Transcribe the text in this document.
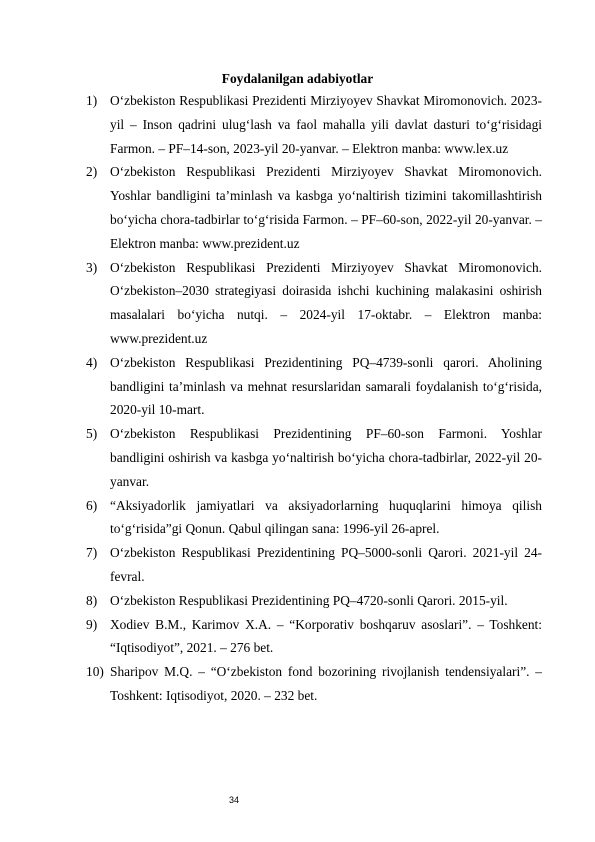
Foydalanilgan adabiyotlar
1) O‘zbekiston Respublikasi Prezidenti Mirziyoyev Shavkat Miromonovich. 2023-yil – Inson qadrini ulug‘lash va faol mahalla yili davlat dasturi to‘g‘risidagi Farmon. – PF–14-son, 2023-yil 20-yanvar. – Elektron manba: www.lex.uz
2) O‘zbekiston Respublikasi Prezidenti Mirziyoyev Shavkat Miromonovich. Yoshlar bandligini ta’minlash va kasbga yo‘naltirish tizimini takomillashtirish bo‘yicha chora-tadbirlar to‘g‘risida Farmon. – PF–60-son, 2022-yil 20-yanvar. – Elektron manba: www.prezident.uz
3) O‘zbekiston Respublikasi Prezidenti Mirziyoyev Shavkat Miromonovich. O‘zbekiston–2030 strategiyasi doirasida ishchi kuchining malakasini oshirish masalalari bo‘yicha nutqi. – 2024-yil 17-oktabr. – Elektron manba: www.prezident.uz
4) O‘zbekiston Respublikasi Prezidentining PQ–4739-sonli qarori. Aholining bandligini ta’minlash va mehnat resurslaridan samarali foydalanish to‘g‘risida, 2020-yil 10-mart.
5) O‘zbekiston Respublikasi Prezidentining PF–60-son Farmoni. Yoshlar bandligini oshirish va kasbga yo‘naltirish bo‘yicha chora-tadbirlar, 2022-yil 20-yanvar.
6) “Aksiyadorlik jamiyatlari va aksiyadorlarning huquqlarini himoya qilish to‘g‘risida”gi Qonun. Qabul qilingan sana: 1996-yil 26-aprel.
7) O‘zbekiston Respublikasi Prezidentining PQ–5000-sonli Qarori. 2021-yil 24-fevral.
8) O‘zbekiston Respublikasi Prezidentining PQ–4720-sonli Qarori. 2015-yil.
9) Xodiev B.M., Karimov X.A. – “Korporativ boshqaruv asoslari”. – Toshkent: “Iqtisodiyot”, 2021. – 276 bet.
10) Sharipov M.Q. – “O‘zbekiston fond bozorining rivojlanish tendensiyalari”. – Toshkent: Iqtisodiyot, 2020. – 232 bet.
34
